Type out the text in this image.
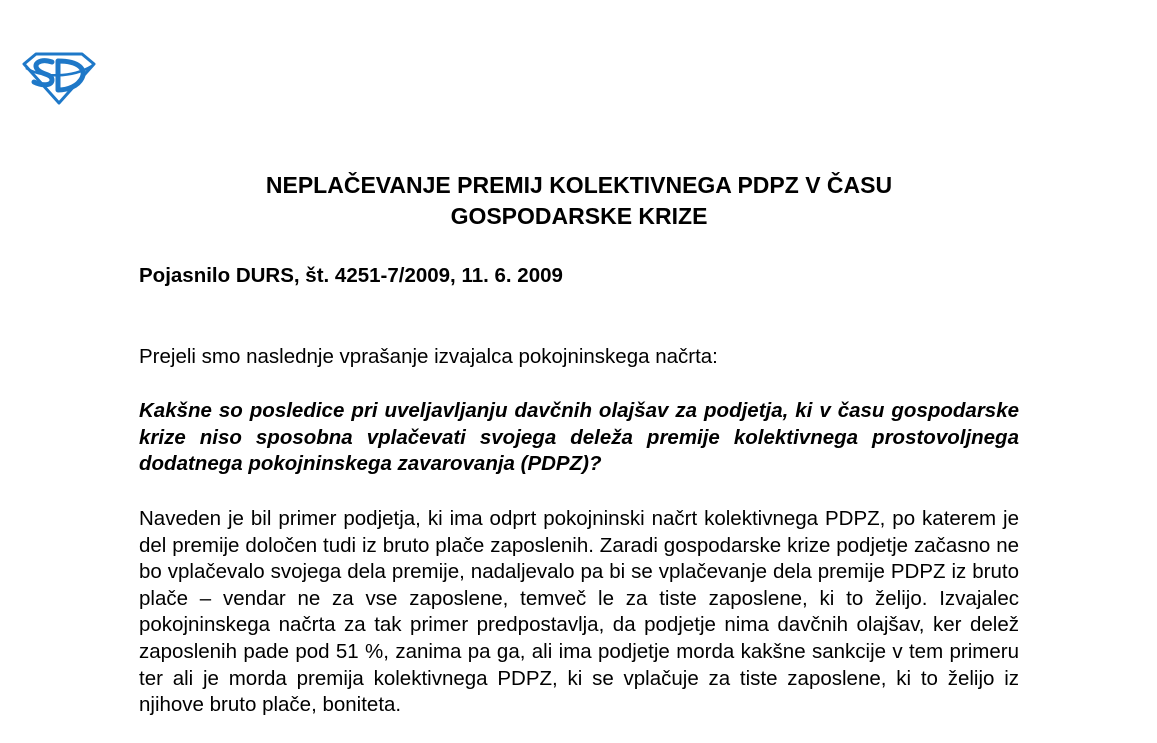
NEPLAČEVANJE PREMIJ KOLEKTIVNEGA PDPZ V ČASU
GOSPODARSKE KRIZE

Pojasnilo DURS, št. 4251-7/2009, 11. 6. 2009

Prejeli smo naslednje vprašanje izvajalca pokojninskega načrta:

Kakšne so posledice pri uveljavljanju davčnih olajšav za podjetja, ki v času gospodarske krize niso sposobna vplačevati svojega deleža premije kolektivnega prostovoljnega dodatnega pokojninskega zavarovanja (PDPZ)?

Naveden je bil primer podjetja, ki ima odprt pokojninski načrt kolektivnega PDPZ, po katerem je del premije določen tudi iz bruto plače zaposlenih. Zaradi gospodarske krize podjetje začasno ne bo vplačevalo svojega dela premije, nadaljevalo pa bi se vplačevanje dela premije PDPZ iz bruto plače – vendar ne za vse zaposlene, temveč le za tiste zaposlene, ki to želijo. Izvajalec pokojninskega načrta za tak primer predpostavlja, da podjetje nima davčnih olajšav, ker delež zaposlenih pade pod 51 %, zanima pa ga, ali ima podjetje morda kakšne sankcije v tem primeru ter ali je morda premija kolektivnega PDPZ, ki se vplačuje za tiste zaposlene, ki to želijo iz njihove bruto plače, boniteta.
